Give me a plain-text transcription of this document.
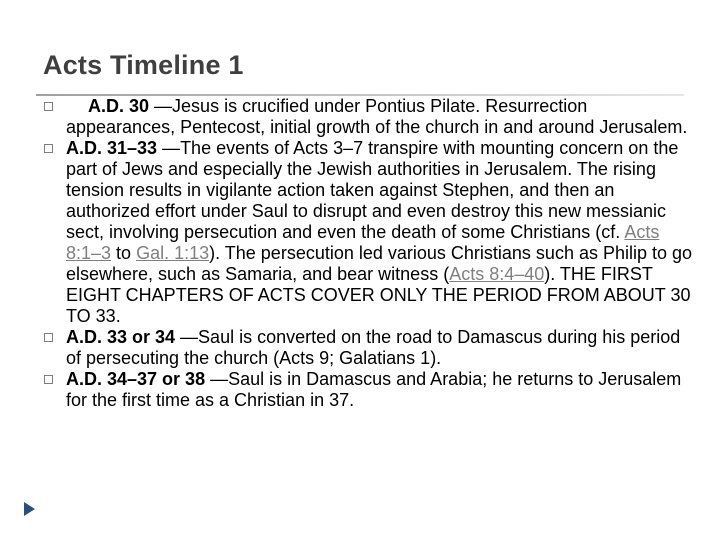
Acts Timeline 1
A.D. 30 —Jesus is crucified under Pontius Pilate. Resurrection appearances, Pentecost, initial growth of the church in and around Jerusalem.
A.D. 31–33 —The events of Acts 3–7 transpire with mounting concern on the part of Jews and especially the Jewish authorities in Jerusalem. The rising tension results in vigilante action taken against Stephen, and then an authorized effort under Saul to disrupt and even destroy this new messianic sect, involving persecution and even the death of some Christians (cf. Acts 8:1–3 to Gal. 1:13). The persecution led various Christians such as Philip to go elsewhere, such as Samaria, and bear witness (Acts 8:4–40). THE FIRST EIGHT CHAPTERS OF ACTS COVER ONLY THE PERIOD FROM ABOUT 30 TO 33.
A.D. 33 or 34 —Saul is converted on the road to Damascus during his period of persecuting the church (Acts 9; Galatians 1).
A.D. 34–37 or 38 —Saul is in Damascus and Arabia; he returns to Jerusalem for the first time as a Christian in 37.
